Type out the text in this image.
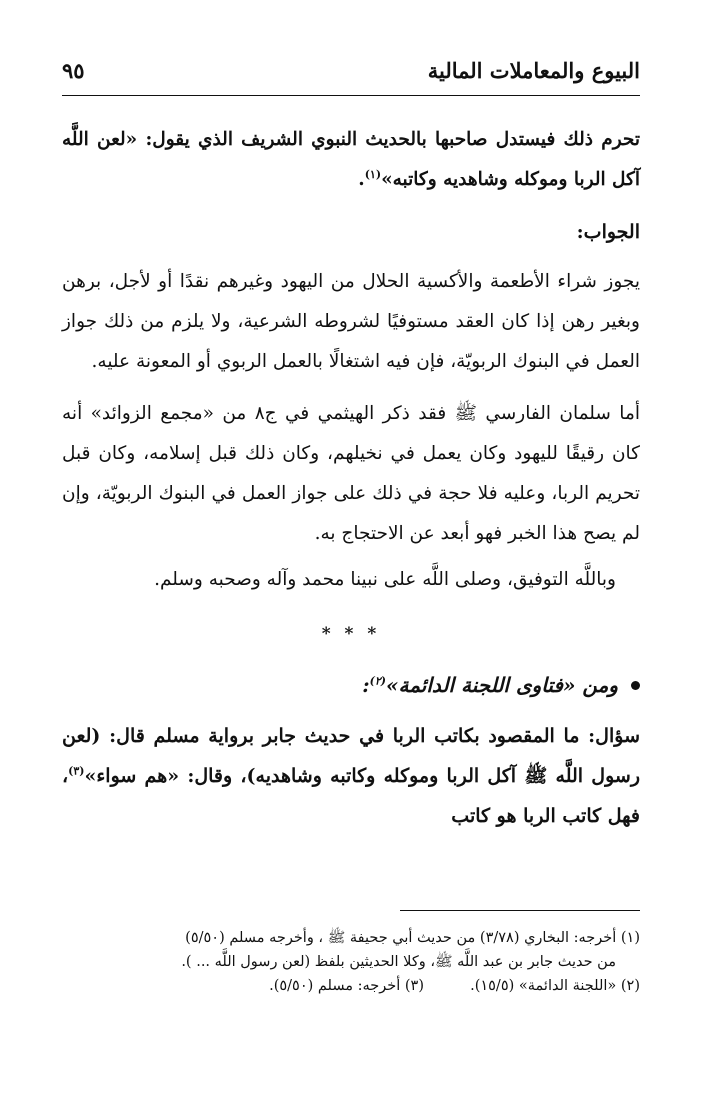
البيوع والمعاملات المالية
٩٥

تحرم ذلك فيستدل صاحبها بالحديث النبوي الشريف الذي يقول: «لعن اللَّه آكل الربا وموكله وشاهديه وكاتبه»$^{(١)}$.

الجواب:

يجوز شراء الأطعمة والأكسية الحلال من اليهود وغيرهم نقدًا أو لأجل، برهن وبغير رهن إذا كان العقد مستوفيًا لشروطه الشرعية، ولا يلزم من ذلك جواز العمل في البنوك الربويّة، فإن فيه اشتغالًا بالعمل الربوي أو المعونة عليه.

أما سلمان الفارسي ﷺ فقد ذكر الهيثمي في ج٨ من «مجمع الزوائد» أنه كان رقيقًا لليهود وكان يعمل في نخيلهم، وكان ذلك قبل إسلامه، وكان قبل تحريم الربا، وعليه فلا حجة في ذلك على جواز العمل في البنوك الربويّة، وإن لم يصح هذا الخبر فهو أبعد عن الاحتجاج به.

وباللَّه التوفيق، وصلى اللَّه على نبينا محمد وآله وصحبه وسلم.

* * *
ومن «فتاوى اللجنة الدائمة»$^{(٢)}$:

سؤال: ما المقصود بكاتب الربا في حديث جابر برواية مسلم قال: (لعن رسول اللَّه ﷺ آكل الربا وموكله وكاتبه وشاهديه)، وقال: «هم سواء»$^{(٣)}$، فهل كاتب الربا هو كاتب

(١) أخرجه: البخاري (٣/٧٨) من حديث أبي جحيفة ﷺ ، وأخرجه مسلم (٥/٥٠)

من حديث جابر بن عبد اللَّه ﷺ، وكلا الحديثين بلفظ (لعن رسول اللَّه ... ).

(٢) «اللجنة الدائمة» (١٥/٥).          (٣) أخرجه: مسلم (٥/٥٠).
